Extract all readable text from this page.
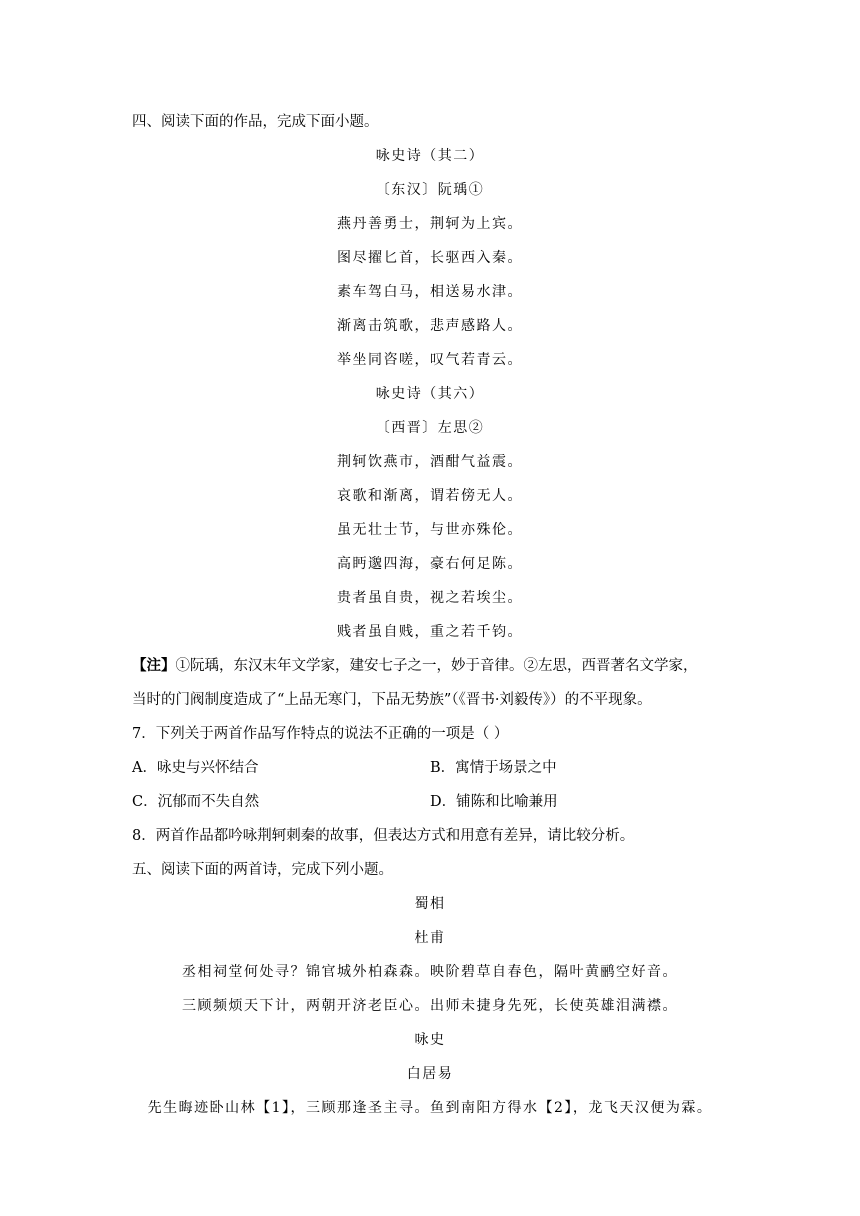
四、阅读下面的作品，完成下面小题。
咏史诗（其二）
〔东汉〕阮瑀①
燕丹善勇士，荆轲为上宾。
图尽擢匕首，长驱西入秦。
素车驾白马，相送易水津。
渐离击筑歌，悲声感路人。
举坐同咨嗟，叹气若青云。
咏史诗（其六）
〔西晋〕左思②
荆轲饮燕市，酒酣气益震。
哀歌和渐离，谓若傍无人。
虽无壮士节，与世亦殊伦。
高眄邈四海，豪右何足陈。
贵者虽自贵，视之若埃尘。
贱者虽自贱，重之若千钧。
【注】①阮瑀，东汉末年文学家，建安七子之一，妙于音律。②左思，西晋著名文学家，
当时的门阀制度造成了“上品无寒门，下品无势族”（《晋书·刘毅传》）的不平现象。
7．下列关于两首作品写作特点的说法不正确的一项是（ ）
A．咏史与兴怀结合	B．寓情于场景之中
C．沉郁而不失自然	D．铺陈和比喻兼用
8．两首作品都吟咏荆轲刺秦的故事，但表达方式和用意有差异，请比较分析。
五、阅读下面的两首诗，完成下列小题。
蜀相
杜甫
丞相祠堂何处寻？锦官城外柏森森。映阶碧草自春色，隔叶黄鹂空好音。
三顾频烦天下计，两朝开济老臣心。出师未捷身先死，长使英雄泪满襟。
咏史
白居易
先生晦迹卧山林【1】，三顾那逢圣主寻。鱼到南阳方得水【2】，龙飞天汉便为霖。
